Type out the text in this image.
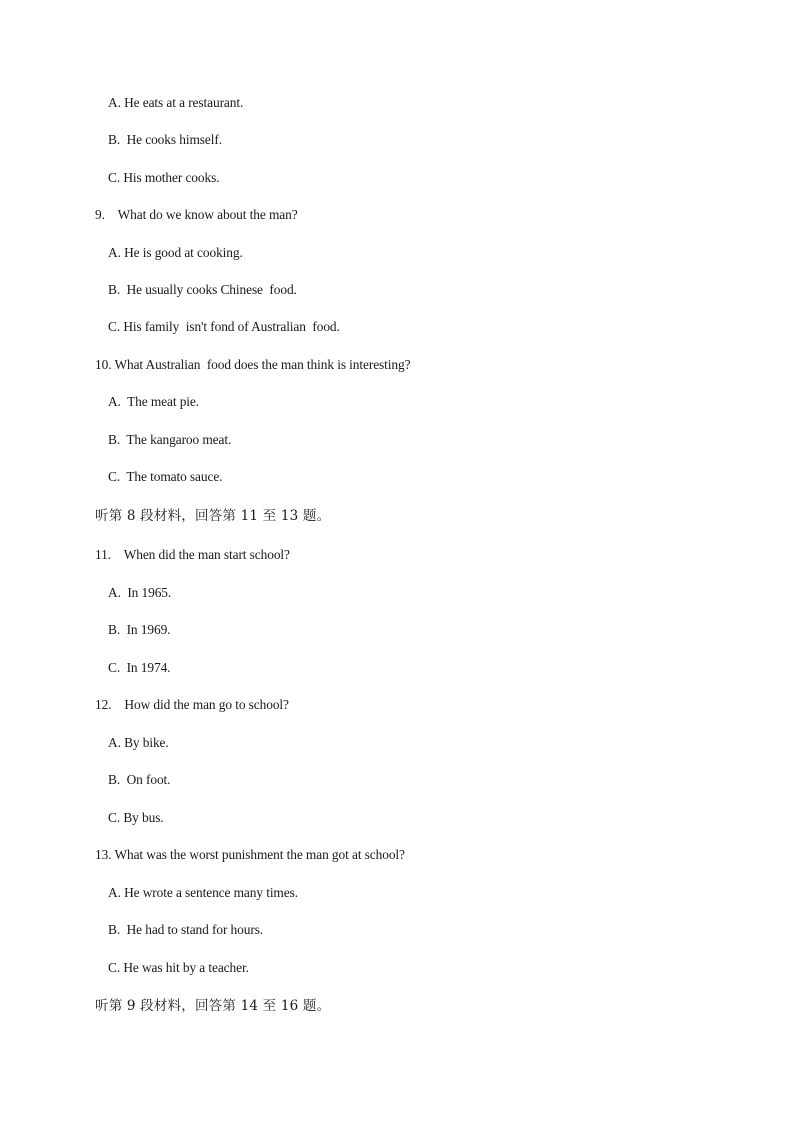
A. He eats at a restaurant.
B.  He cooks himself.
C. His mother cooks.
9.    What do we know about the man?
A. He is good at cooking.
B.  He usually cooks Chinese  food.
C. His family  isn't fond of Australian  food.
10. What Australian  food does the man think is interesting?
A.  The meat pie.
B.  The kangaroo meat.
C.  The tomato sauce.
听第 8 段材料，回答第 11 至 13 题。
11.    When did the man start school?
A.  In 1965.
B.  In 1969.
C.  In 1974.
12.    How did the man go to school?
A. By bike.
B.  On foot.
C. By bus.
13. What was the worst punishment the man got at school?
A. He wrote a sentence many times.
B.  He had to stand for hours.
C. He was hit by a teacher.
听第 9 段材料，回答第 14 至 16 题。
